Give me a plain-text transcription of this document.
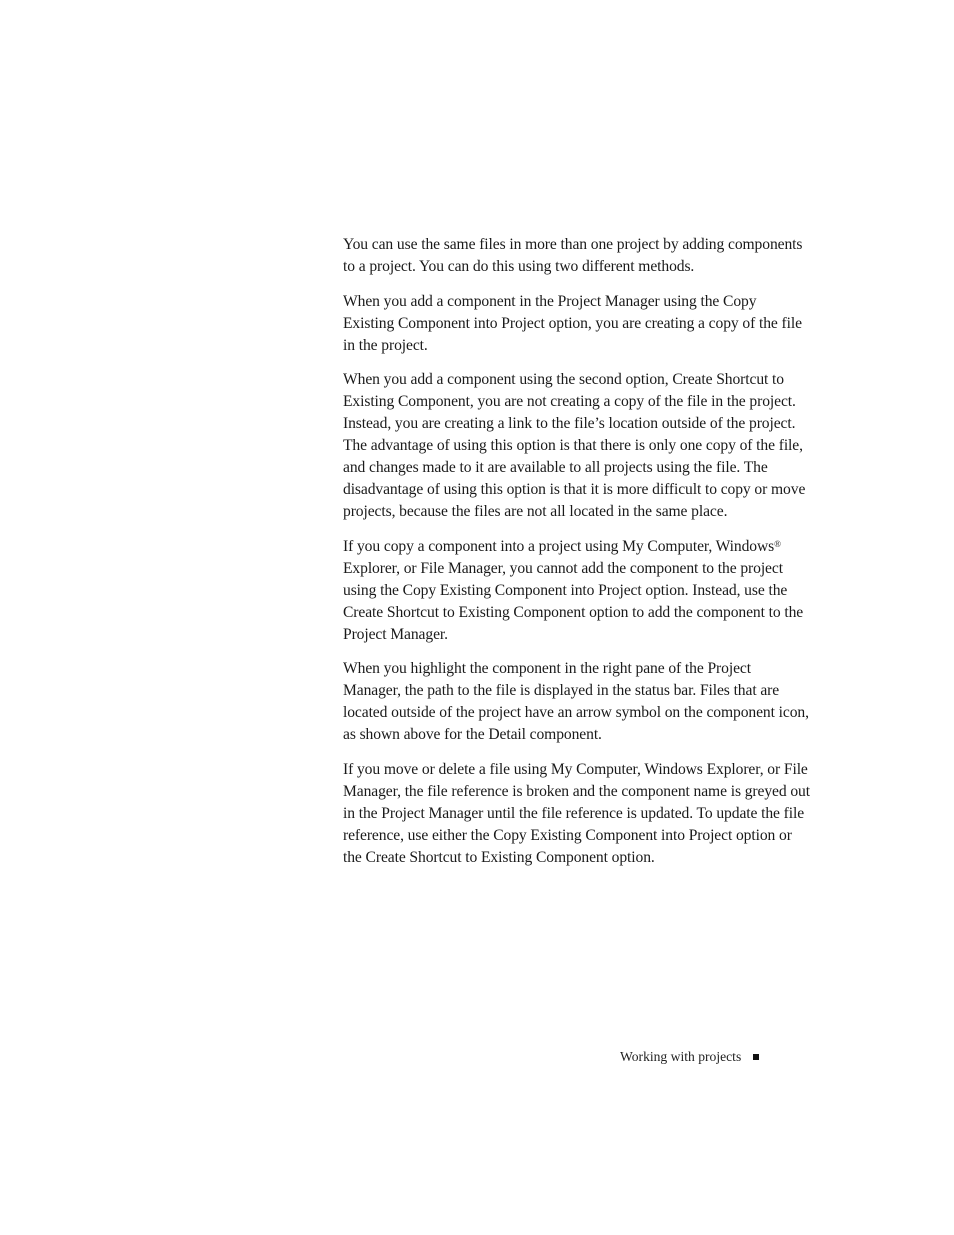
You can use the same files in more than one project by adding components to a project. You can do this using two different methods.

When you add a component in the Project Manager using the Copy Existing Component into Project option, you are creating a copy of the file in the project.

When you add a component using the second option, Create Shortcut to Existing Component, you are not creating a copy of the file in the project. Instead, you are creating a link to the file’s location outside of the project. The advantage of using this option is that there is only one copy of the file, and changes made to it are available to all projects using the file. The disadvantage of using this option is that it is more difficult to copy or move projects, because the files are not all located in the same place.

If you copy a component into a project using My Computer, Windows® Explorer, or File Manager, you cannot add the component to the project using the Copy Existing Component into Project option. Instead, use the Create Shortcut to Existing Component option to add the component to the Project Manager.

When you highlight the component in the right pane of the Project Manager, the path to the file is displayed in the status bar. Files that are located outside of the project have an arrow symbol on the component icon, as shown above for the Detail component.

If you move or delete a file using My Computer, Windows Explorer, or File Manager, the file reference is broken and the component name is greyed out in the Project Manager until the file reference is updated. To update the file reference, use either the Copy Existing Component into Project option or the Create Shortcut to Existing Component option.

Working with projects
